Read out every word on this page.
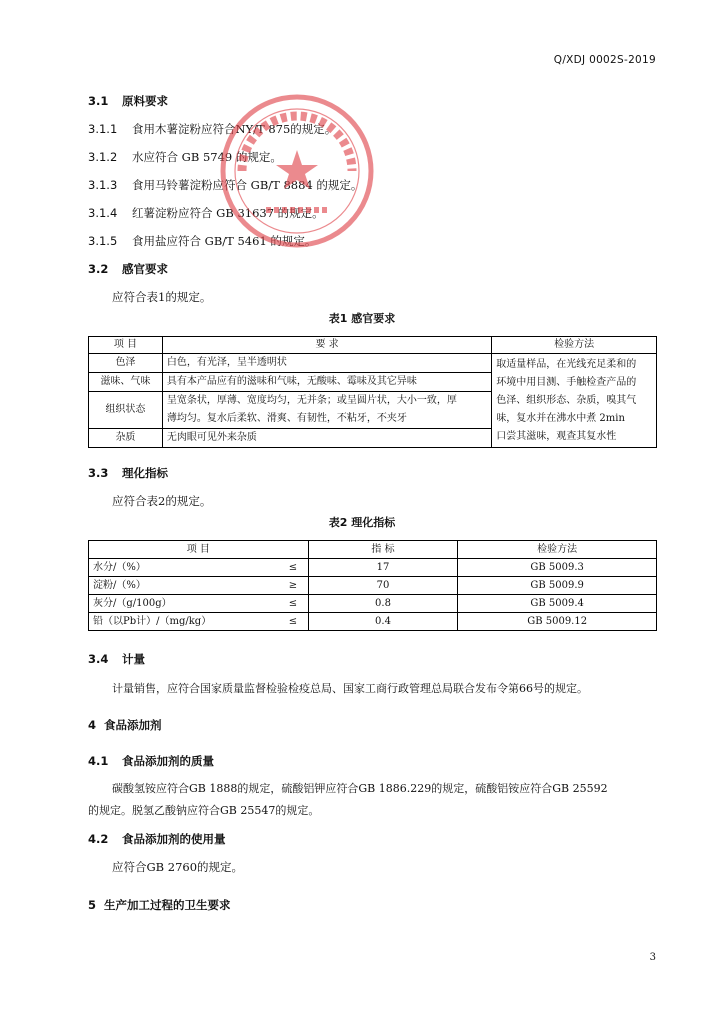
Q/XDJ 0002S-2019
3.1 原料要求
3.1.1 食用木薯淀粉应符合NY/T 875的规定。
3.1.2 水应符合 GB 5749 的规定。
3.1.3 食用马铃薯淀粉应符合 GB/T 8884 的规定。
3.1.4 红薯淀粉应符合 GB 31637 的规定。
3.1.5 食用盐应符合 GB/T 5461 的规定。
3.2 感官要求
应符合表1的规定。
表1 感官要求
项 目	要 求	检验方法
色泽	白色，有光泽，呈半透明状	取适量样品，在光线充足柔和的
环境中用目测、手触检查产品的
色泽、组织形态、杂质，嗅其气
味，复水并在沸水中煮 2min
口尝其滋味，观查其复水性

滋味、气味	具有本产品应有的滋味和气味，无酸味、霉味及其它异味	
组织状态	呈宽条状，厚薄、宽度均匀，无并条；或呈圆片状，大小一致，厚
薄均匀。复水后柔软、滑爽、有韧性，不粘牙，不夹牙	

杂质	无肉眼可见外来杂质	
3.3 理化指标
应符合表2的规定。
表2 理化指标
项 目		指 标	检验方法
水分/（%）	≤	17	GB 5009.3
淀粉/（%）	≥	70	GB 5009.9
灰分/（g/100g）	≤	0.8	GB 5009.4
铅（以Pb计）/（mg/kg）	≤	0.4	GB 5009.12
3.4 计量
计量销售，应符合国家质量监督检验检疫总局、国家工商行政管理总局联合发布令第66号的规定。
4 食品添加剂
4.1 食品添加剂的质量
碳酸氢铵应符合GB 1888的规定，硫酸铝钾应符合GB 1886.229的规定，硫酸铝铵应符合GB 25592
的规定。脱氢乙酸钠应符合GB 25547的规定。
4.2 食品添加剂的使用量
应符合GB 2760的规定。
5 生产加工过程的卫生要求
3
